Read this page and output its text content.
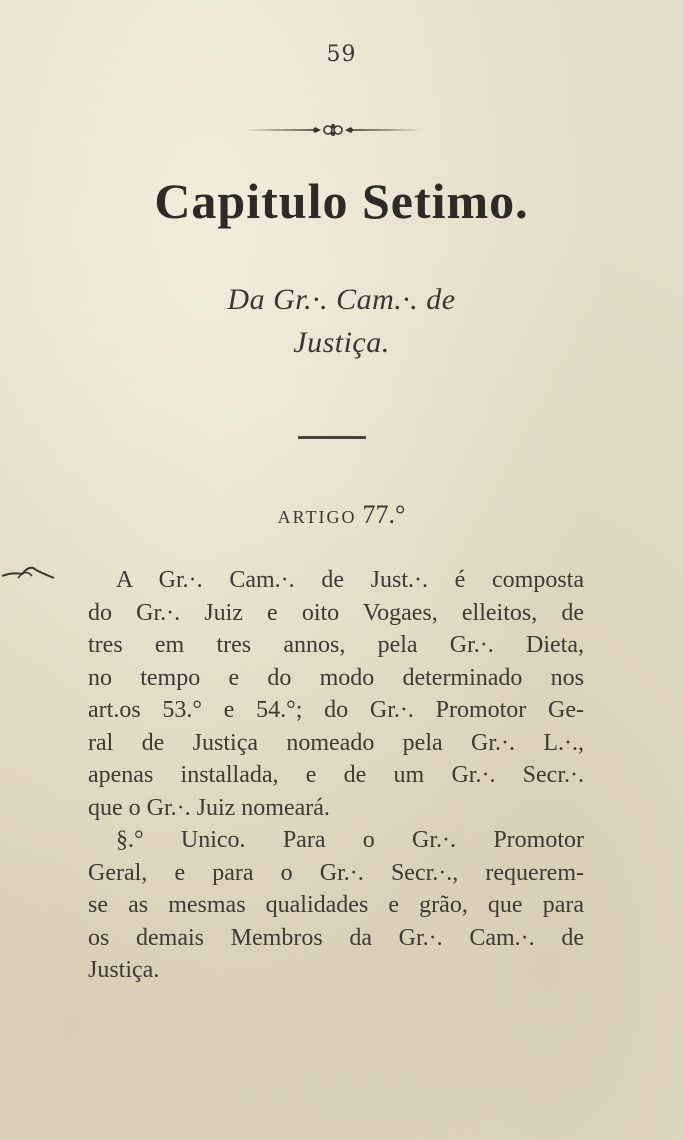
59
Capitulo Setimo.
Da Gr.·. Cam.·. de
Justiça.
ARTIGO 77.°
A Gr.·. Cam.·. de Just.·. é composta
do Gr.·. Juiz e oito Vogaes, elleitos, de
tres em tres annos, pela Gr.·. Dieta,
no tempo e do modo determinado nos
art.os 53.° e 54.°; do Gr.·. Promotor Ge-
ral de Justiça nomeado pela Gr.·. L.·.,
apenas installada, e de um Gr.·. Secr.·.
que o Gr.·. Juiz nomeará.
§.° Unico. Para o Gr.·. Promotor
Geral, e para o Gr.·. Secr.·., requerem-
se as mesmas qualidades e grão, que para
os demais Membros da Gr.·. Cam.·. de
Justiça.
